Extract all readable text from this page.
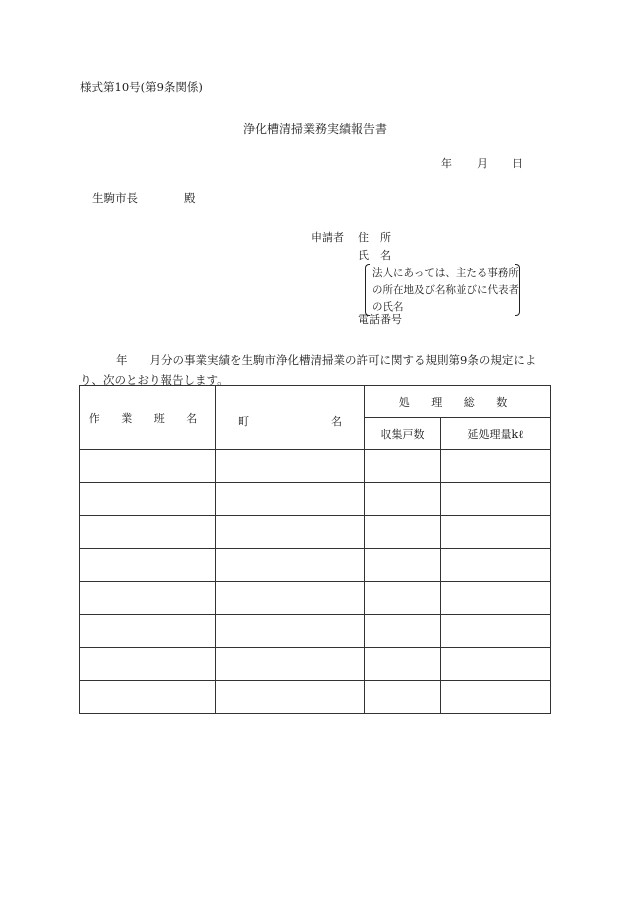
様式第10号(第9条関係)
浄化槽清掃業務実績報告書
年 月 日
生駒市長	殿
申請者 住　所
氏　名
法人にあっては、主たる事務所の所在地及び名称並びに代表者の氏名
電話番号
年 月分の事業実績を生駒市浄化槽清掃業の許可に関する規則第9条の規定により、次のとおり報告します。
作 業 班 名	町 名	処 理 総 数	
		収集戸数	延処理量kℓ
